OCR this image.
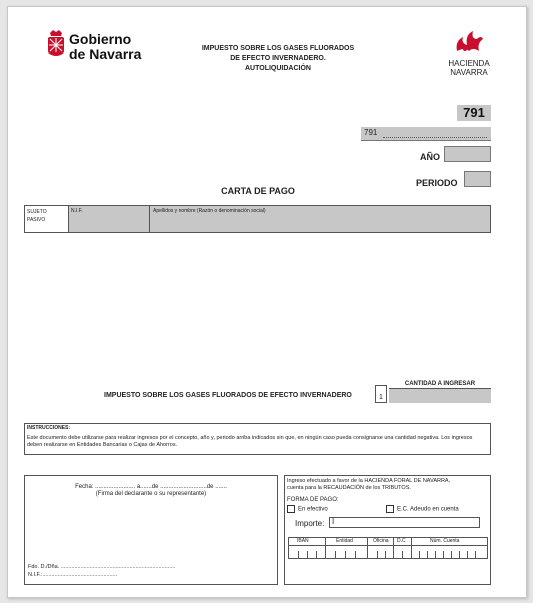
Gobierno
de Navarra	IMPUESTO SOBRE LOS GASES FLUORADOS
DE EFECTO INVERNADERO.
AUTOLIQUIDACIÓN
HACIENDA
NAVARRA
791
791
AÑO
PERIODO
CARTA DE PAGO
SUJETO PASIVO
N.I.F.	Apellidos y nombre (Razón o denominación social)
IMPUESTO SOBRE LOS GASES FLUORADOS DE EFECTO INVERNADERO	1
CANTIDAD A INGRESAR
INSTRUCCIONES:
Este documento debe utilizarse para realizar ingresos por el concepto, año y, periodo arriba indicados sin que, en ningún caso pueda consignarse una cantidad negativa. Los ingresos deben realizarse en Entidades Bancarias o Cajas de Ahorros.
Fecha: ........................ a.......de ............................de .......
(Firma del declarante o su representante)
Fdo. D./Dña. ...........................................................................
N.I.F.:.................................................
Ingreso efectuado a favor de la HACIENDA FORAL DE NAVARRA,
cuenta para la RECAUDACIÓN de los TRIBUTOS.
FORMA DE PAGO:
En efectivo	E.C. Adeudo en cuenta
Importe: I
IBAN	Entidad	Oficina D.C	Núm. Cuenta
